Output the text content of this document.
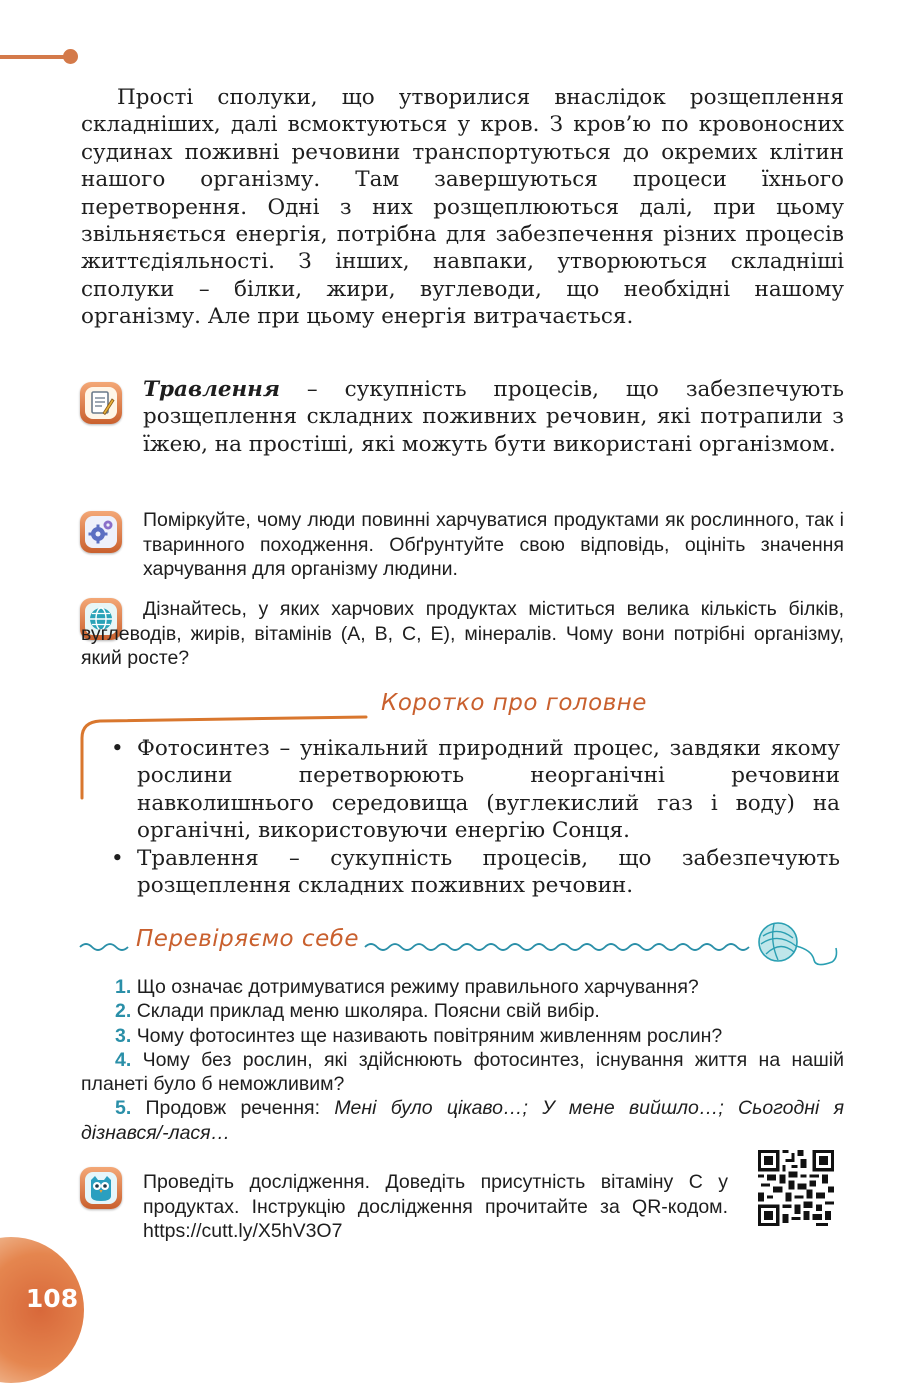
Прості сполуки, що утворилися внаслідок розщеплення складніших, далі всмоктуються у кров. З кров’ю по кровоносних судинах поживні речовини транспортуються до окремих клітин нашого організму. Там завершуються процеси їхнього перетворення. Одні з них розщеплюються далі, при цьому звільняється енергія, потрібна для забезпечення різних процесів життєдіяльності. З інших, навпаки, утворюються складніші сполуки – білки, жири, вуглеводи, що необхідні нашому організму. Але при цьому енергія витрачається.

Травлення – сукупність процесів, що забезпечують розщеплення складних поживних речовин, які потрапили з їжею, на простіші, які можуть бути використані організмом.

Поміркуйте, чому люди повинні харчуватися продуктами як рослинного, так і тваринного походження. Обґрунтуйте свою відповідь, оцініть значення харчування для організму людини.

Дізнайтесь, у яких харчових продуктах міститься велика кількість білків, вуглеводів, жирів, вітамінів (А, В, С, Е), мінералів. Чому вони потрібні організму, який росте?

Коротко про головне
• Фотосинтез – унікальний природний процес, завдяки якому рослини перетворюють неорганічні речовини навколишнього середовища (вуглекислий газ і воду) на органічні, використовуючи енергію Сонця.
• Травлення – сукупність процесів, що забезпечують розщеплення складних поживних речовин.
Перевіряємо себе
1. Що означає дотримуватися режиму правильного харчування?
2. Склади приклад меню школяра. Поясни свій вибір.
3. Чому фотосинтез ще називають повітряним живленням рослин?
4. Чому без рослин, які здійснюють фотосинтез, існування життя на нашій планеті було б неможливим?
5. Продовж речення: Мені було цікаво…; У мене вийшло…; Сьогодні я дізнався/-лася…

Проведіть дослідження. Доведіть присутність вітаміну С у продуктах. Інструкцію дослідження прочитайте за QR-кодом. https://cutt.ly/X5hV3O7

108
